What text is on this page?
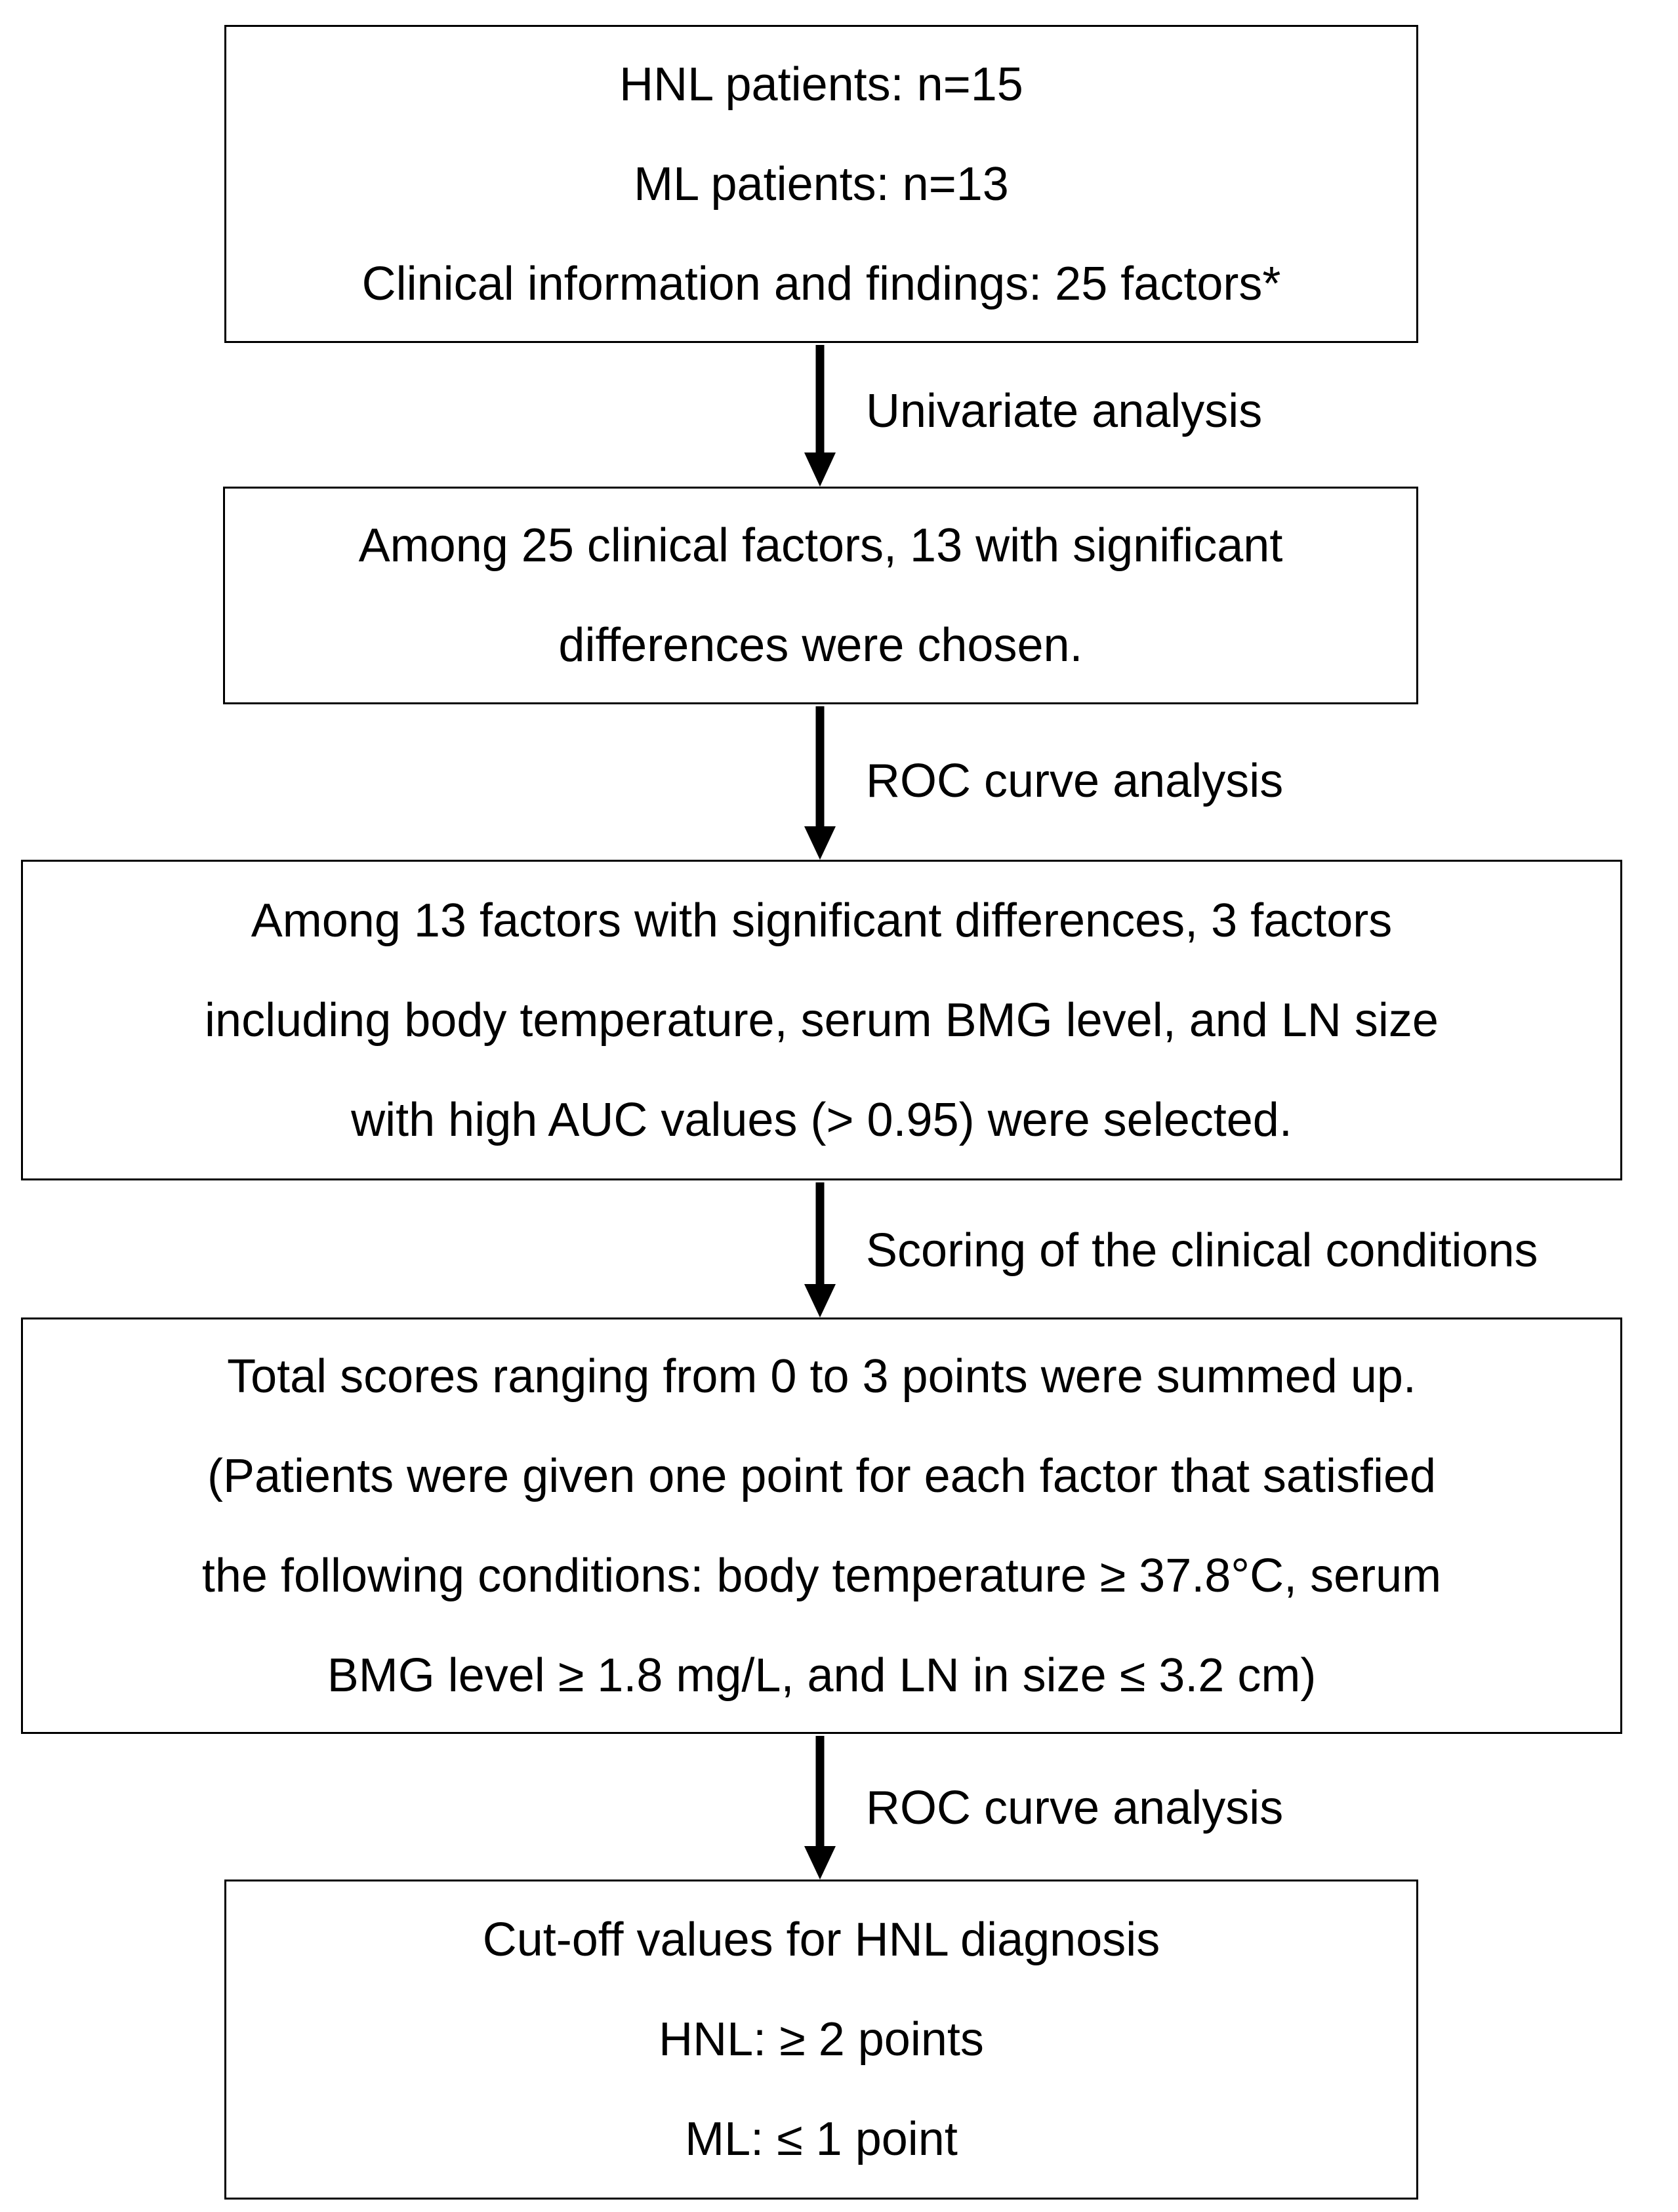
HNL patients: n=15
ML patients: n=13
Clinical information and findings: 25 factors*
Among 25 clinical factors, 13 with significant
differences were chosen.
Among 13 factors with significant differences, 3 factors
including body temperature, serum BMG level, and LN size
with high AUC values (> 0.95) were selected.
Total scores ranging from 0 to 3 points were summed up.
(Patients were given one point for each factor that satisfied
the following conditions: body temperature ≥ 37.8°C, serum
BMG level ≥ 1.8 mg/L, and LN in size ≤ 3.2 cm)
Cut-off values for HNL diagnosis
HNL: ≥ 2 points
ML: ≤ 1 point
Univariate analysis
ROC curve analysis
Scoring of the clinical conditions
ROC curve analysis
